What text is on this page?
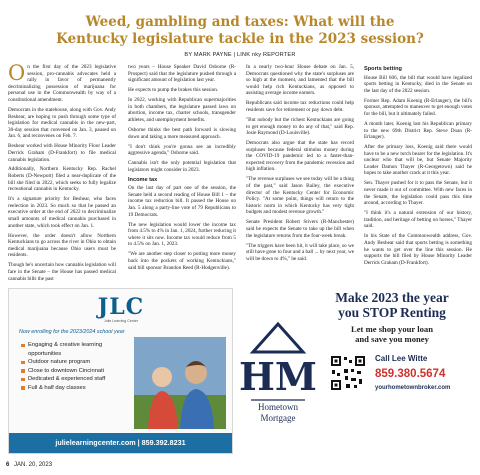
Weed, gambling and taxes: What will the
Kentucky legislature tackle in the 2023 session?
BY MARK PAYNE | LINK nky REPORTER

On the first day of the 2023 legislative session, pro-cannabis advocates held a rally in favor of permanently decriminalizing possession of marijuana for personal use in the Commonwealth by way of a constitutional amendment.

Democrats in the statehouse, along with Gov. Andy Beshear, are hoping to push through some type of legislation for medical cannabis in the new-part, 30-day session that convened on Jan. 3, paused on Jan. 6, and reconvenes on Feb. 7.

Beshear worked with House Minority Floor Leader Derrick Graham (D-Frankfort) to file medical cannabis legislation.

Additionally, Northern Kentucky Rep. Rachel Roberts (D-Newport) filed a near-duplicate of the bill she filed in 2022, which seeks to fully legalize recreational cannabis in Kentucky.

It's a signature priority for Beshear, who faces reelection in 2023. So much so that he passed an executive order at the end of 2022 to decriminalize small amounts of medical cannabis purchased in another state, which took effect on Jan. 1.

However, the order doesn't allow Northern Kentuckians to go across the river in Ohio to obtain medical marijuana because Ohio users must be residents.

Though he's uncertain how cannabis legislation will fare in the Senate – the House has passed medical cannabis bills the past

two years – House Speaker David Osborne (R-Prospect) said that the legislature pushed through a significant amount of legislation last year.

He expects to pump the brakes this session.

In 2022, working with Republican supermajorities in both chambers, the legislature passed laws on abortion, income tax, charter schools, transgender athletes, and unemployment benefits.

Osborne thinks the best path forward is slowing down and taking a more measured approach.

"I don't think you're gonna see an incredibly aggressive agenda," Osborne said.

Cannabis isn't the only potential legislation that legislators might consider in 2023.

Income tax

On the last day of part one of the session, the Senate held a second reading of House Bill 1 – the income tax reduction bill. It passed the House on Jan. 5 along a party-line vote of 79 Republicans to 19 Democrats.

The new legislation would lower the income tax from 4.5% to 4% in Jan. 1, 2024, further reducing it where it sits now. Income tax would reduce from 5 to 4.5% on Jan. 1, 2023.

"We are another step closer to putting more money back into the pockets of working Kentuckians," said bill sponsor Brandon Reed (R-Hodgenville).

In a nearly two-hour House debate on Jan. 5, Democrats questioned why the state's surpluses are so high at the moment, and lamented that the bill would help rich Kentuckians, as opposed to assisting average income earners.

Republicans said income tax reductions could help residents save for retirement or pay down debt.

"But nobody but the richest Kentuckians are going to get enough money to do any of that," said Rep. Josie Raymond (D-Louisville).

Democrats also argue that the state has record surpluses because federal stimulus money during the COVID-19 pandemic led to a faster-than-expected recovery from the pandemic recession and high inflation.

"The revenue surpluses we see today will be a thing of the past," said Jason Bailey, the executive director of the Kentucky Center for Economic Policy. "At some point, things will return to the historic norm in which Kentucky has very tight budgets and modest revenue growth."

Senate President Robert Stivers (R-Manchester) said he expects the Senate to take up the bill when the legislature returns from the four-week break.

"The triggers have been hit, it will take place, so we still have gone to four and a ball ... by next year, we will be down to 4%," he said.

Sports betting

House Bill 606, the bill that would have legalized sports betting in Kentucky, died in the Senate on the last day of the 2022 session.

Former Rep. Adam Koenig (R-Erlanger), the bill's sponsor, attempted to maneuver to get enough votes for the bill, but it ultimately failed.

A month later, Koenig lost his Republican primary to the new 69th District Rep. Steve Doan (R-Erlanger).

After the primary loss, Koenig said there would have to be a new torch bearer for the legislation. It's unclear who that will be, but Senate Majority Leader Damon Thayer (R-Georgetown) said he hopes to take another crack at it this year.

Sen. Thayer pushed for it to pass the Senate, but it never made it out of committee. With new faces in the Senate, the legislation could pass this time around, according to Thayer.

"I think it's a natural extension of our history, tradition, and heritage of betting on horses," Thayer said.

In his State of the Commonwealth address, Gov. Andy Beshear said that sports betting is something he wants to get over the line this session. He supports the bill filed by House Minority Leader Derrick Graham (D-Frankfort).

JLC
Julie Learning Center
Now enrolling for the 2023/2024 school year
Engaging & creative learning opportunities
Outdoor nature program
Close to downtown Cincinnati
Dedicated & experienced staff
Full & half day classes
julielearningcenter.com | 859.392.8231
HM
Hometown
Mortgage
Make 2023 the year
you STOP Renting
Let me shop your loan
and save you money
Call Lee Witte
859.380.5674
yourhometownbroker.com
6 JAN. 20, 2023
